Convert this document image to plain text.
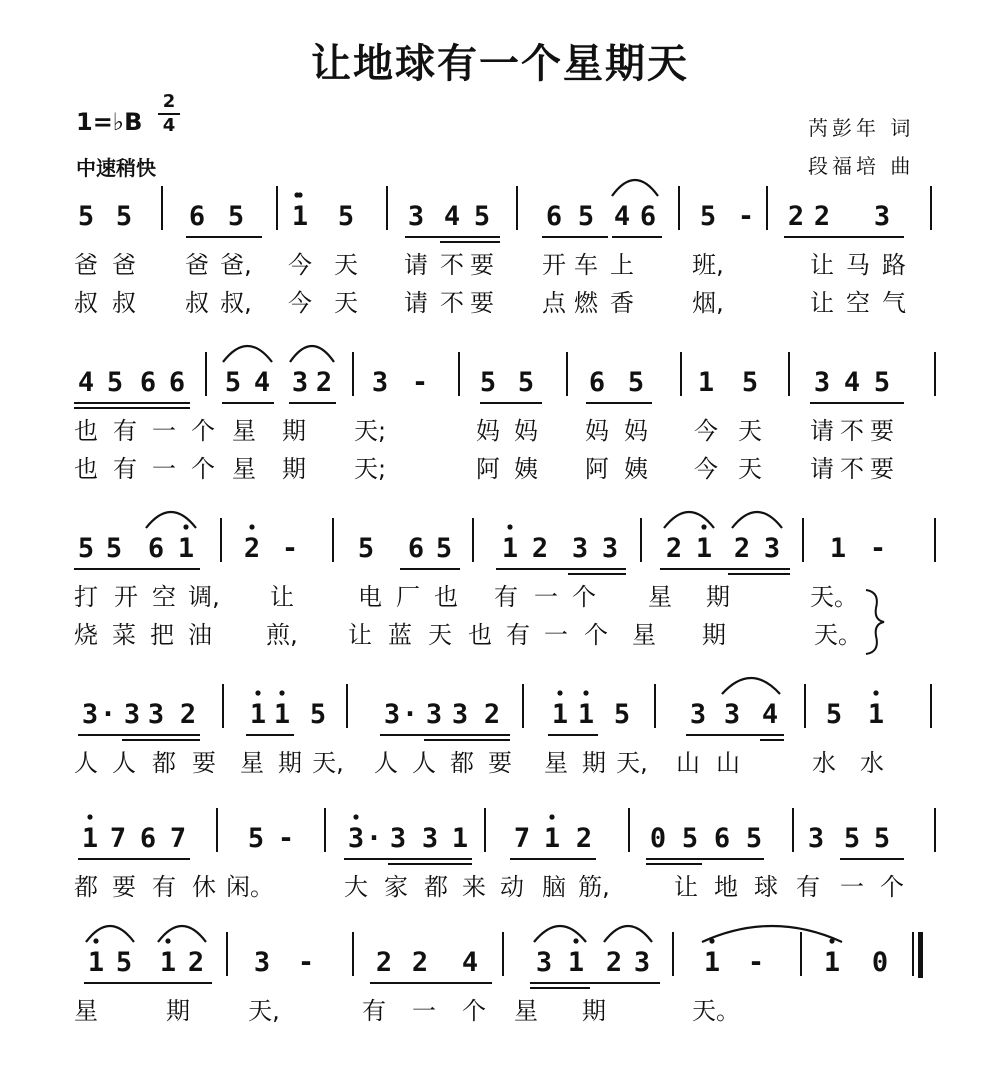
让地球有一个星期天
1=♭B
2
4
中速稍快
芮彭年 词
段福培 曲
5 5 6 5 1 5 3 4 5 6 5 4 6 5 - 2 2 3
爸 爸	爸 爸,	今 天	请 不 要	开 车 上	班,	让 马 路
叔 叔	叔 叔,	今 天	请 不 要	点 燃 香	烟,	让 空 气
4 5 6 6 5 4 3 2 3 - 5 5 6 5 1 5 3 4 5
也 有 一 个 星	期	天;	妈 妈	妈 妈	今 天	请 不 要
也 有 一 个 星	期	天;	阿 姨	阿 姨	今 天	请 不 要
5 5 6 1 2 - 5 6 5 1 2 3 3 2 1 2 3 1 -
打 开 空 调,	让	电 厂 也	有 一 个	星	期	天。
烧 菜 把 油	煎,	让 蓝 天 也 有 一 个	星	期	天。
3 · 3 3 2 1 1 5 3 · 3 3 2 1 1 5 3 3 4 5 1
人 人 都 要	星 期 天,	人 人 都 要	星 期 天,	山 山	水	水
1 7 6 7 5 - 3 · 3 3 1 7 1 2 0 5 6 5 3 5 5
都 要 有 休 闲。	大 家 都 来 动 脑 筋,	让 地 球 有 一 个
1 5 1 2 3 - 2 2 4 3 1 2 3 1 - 1 0
星	期	天,	有	一	个	星	期	天。
